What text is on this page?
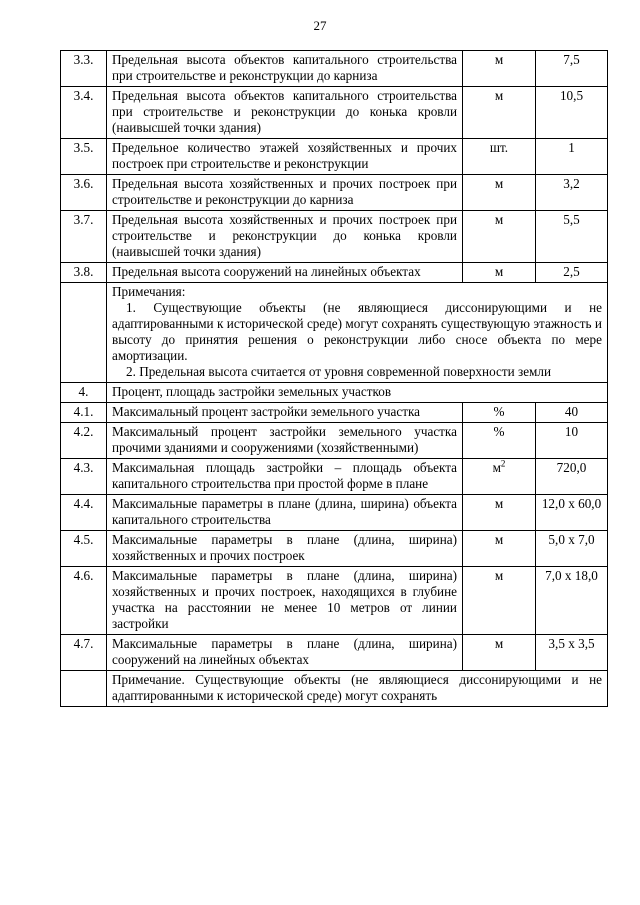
27
3.3.	Предельная высота объектов капитального строительства при строительстве и реконструкции до карниза	м	7,5
3.4.	Предельная высота объектов капитального строительства при строительстве и реконструкции до конька кровли (наивысшей точки здания)	м	10,5
3.5.	Предельное количество этажей хозяйственных и прочих построек при строительстве и реконструкции	шт.	1
3.6.	Предельная высота хозяйственных и прочих построек при строительстве и реконструкции до карниза	м	3,2
3.7.	Предельная высота хозяйственных и прочих построек при строительстве и реконструкции до конька кровли (наивысшей точки здания)	м	5,5
3.8.	Предельная высота сооружений на линейных объектах	м	2,5

	Примечания:

1. Существующие объекты (не являющиеся диссонирующими и не адаптированными к исторической среде) могут сохранять существующую этажность и высоту до принятия решения о реконструкции либо сносе объекта по мере амортизации.

2. Предельная высота считается от уровня современной поверхности земли		

4.	Процент, площадь застройки земельных участков		
4.1.	Максимальный процент застройки земельного участка	%	40
4.2.	Максимальный процент застройки земельного участка прочими зданиями и сооружениями (хозяйственными)	%	10
4.3.	Максимальная площадь застройки – площадь объекта капитального строительства при простой форме в плане	$м^2$	720,0
4.4.	Максимальные параметры в плане (длина, ширина) объекта капитального строительства	м	12,0 х 60,0
4.5.	Максимальные параметры в плане (длина, ширина) хозяйственных и прочих построек	м	5,0 х 7,0
4.6.	Максимальные параметры в плане (длина, ширина) хозяйственных и прочих построек, находящихся в глубине участка на расстоянии не менее 10 метров от линии застройки	м	7,0 х 18,0
4.7.	Максимальные параметры в плане (длина, ширина) сооружений на линейных объектах	м	3,5 х 3,5

	Примечание. Существующие объекты (не являющиеся диссонирующими и не адаптированными к исторической среде) могут сохранять		
